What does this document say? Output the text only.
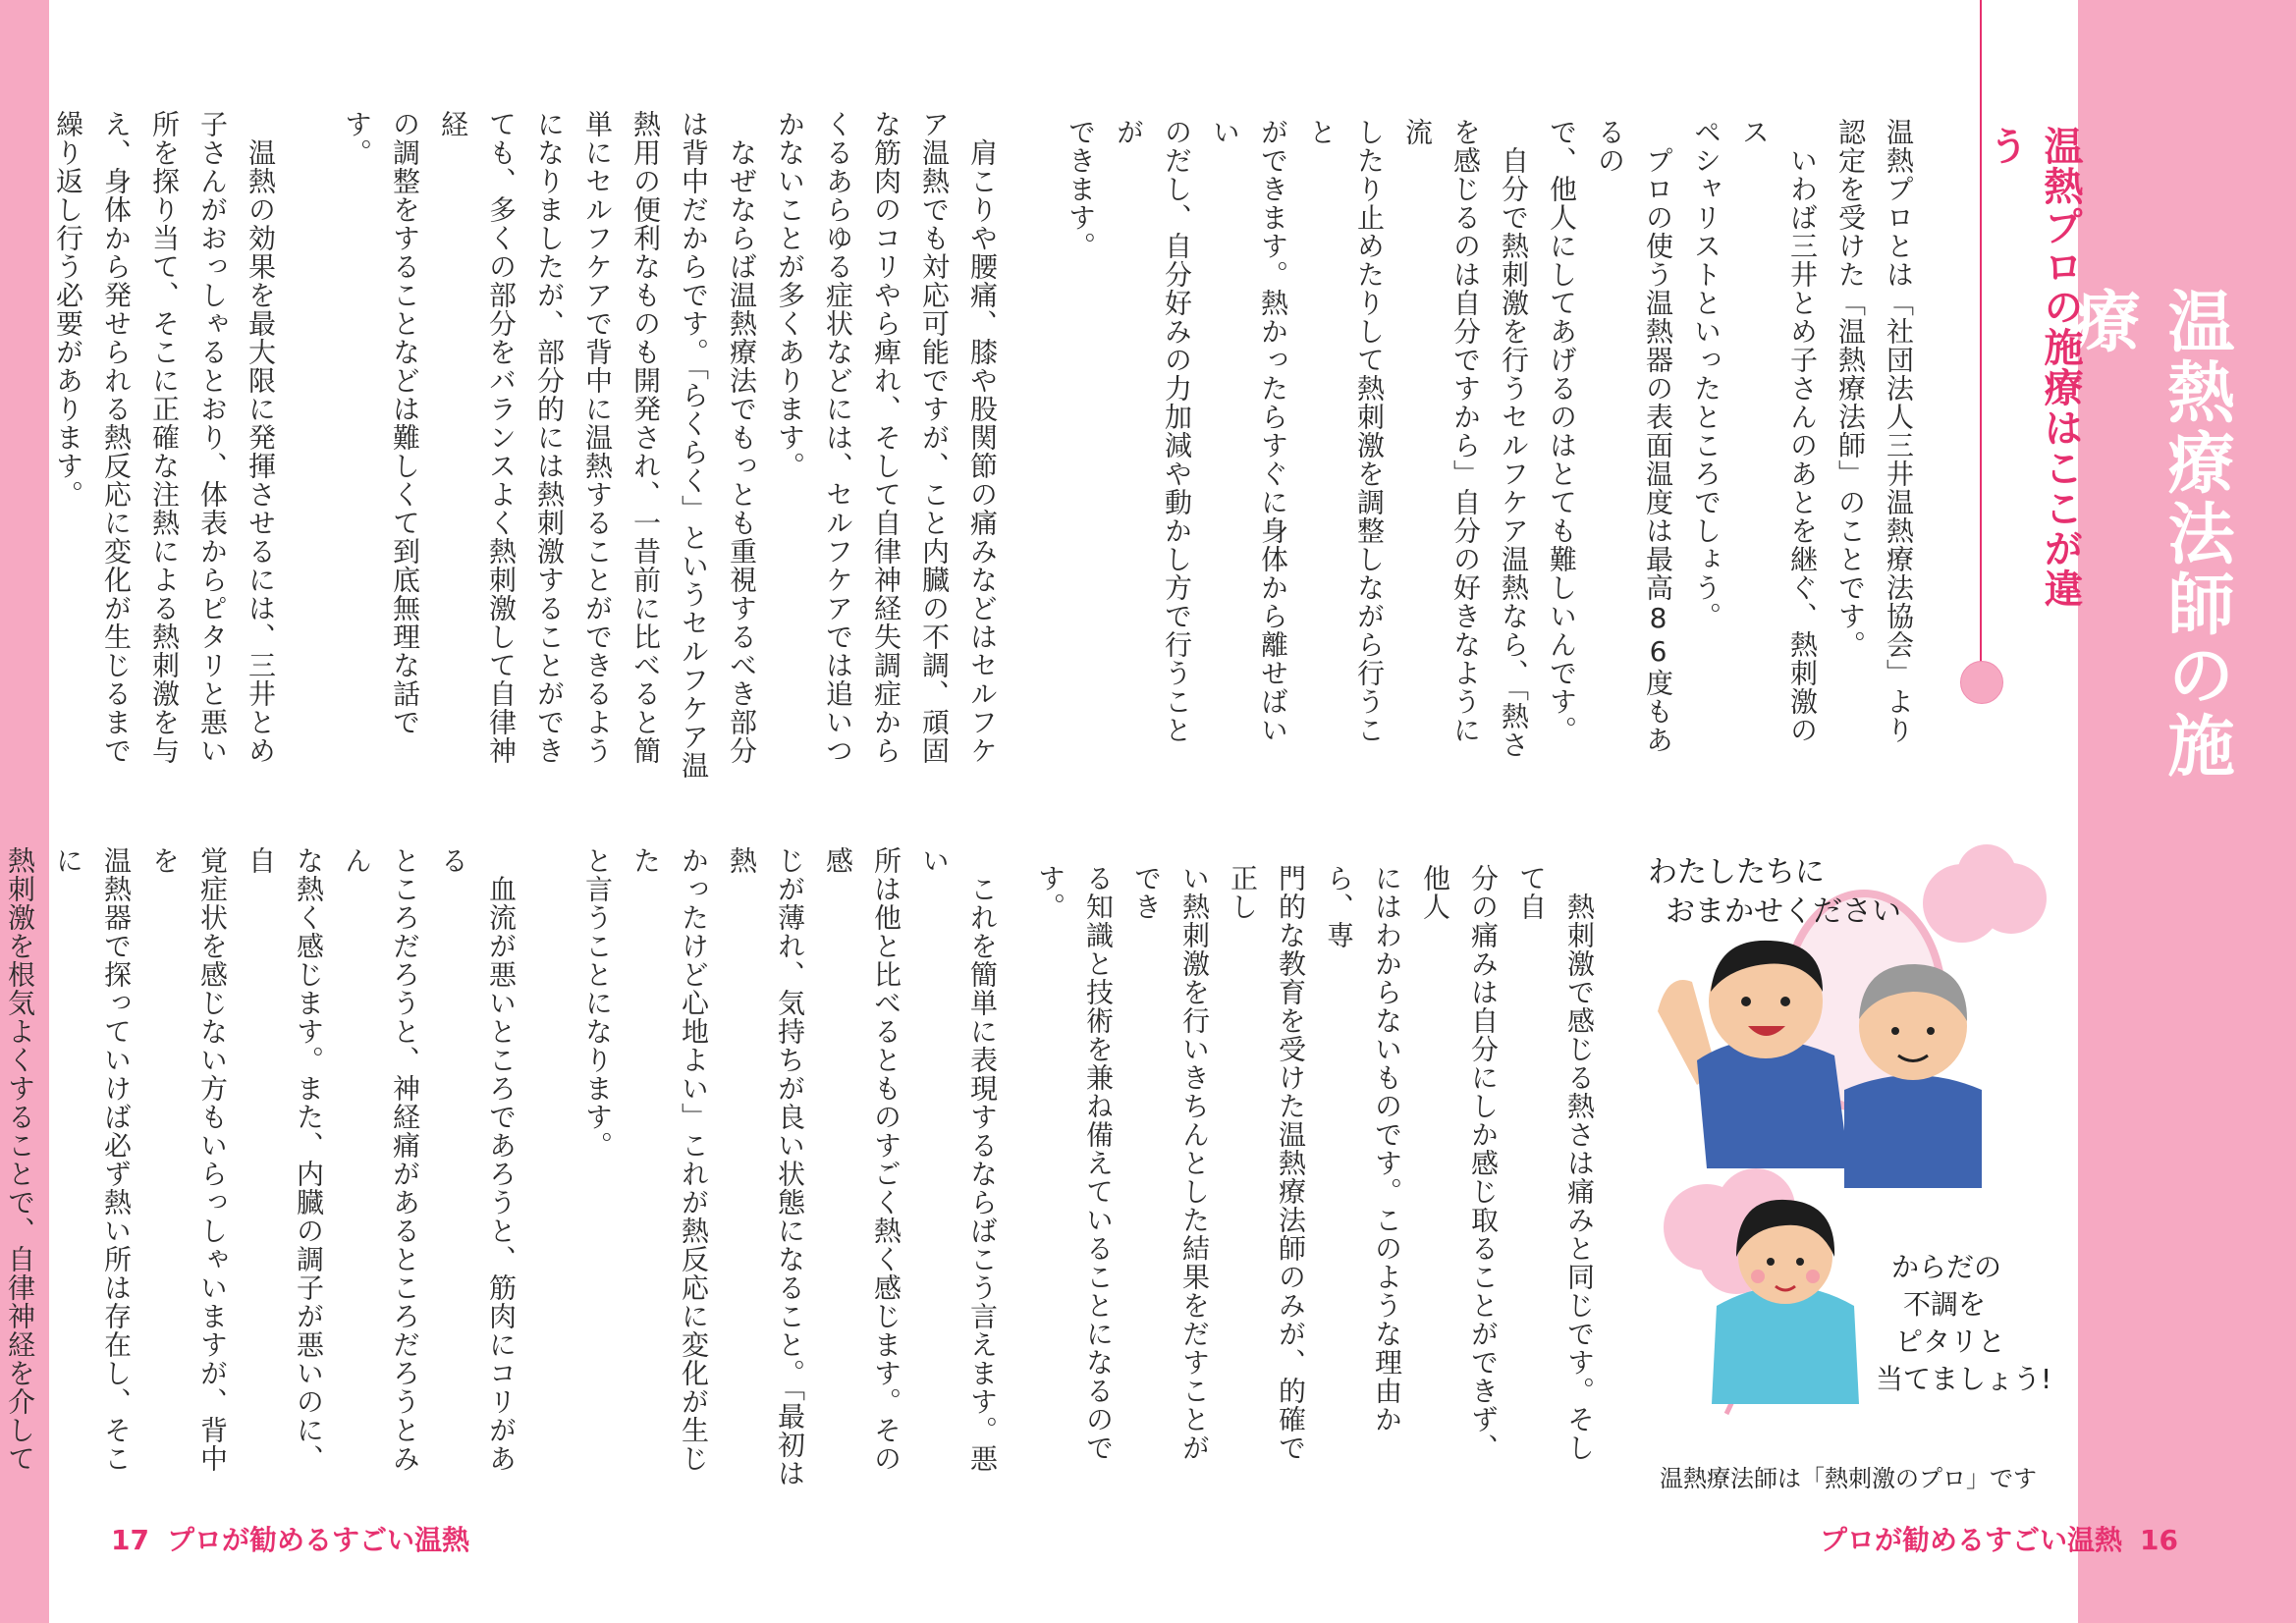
温熱療法師の施療
温熱プロの施療はここが違う
温熱プロとは「社団法人三井温熱療法協会」より
認定を受けた「温熱療法師」のことです。
　いわば三井とめ子さんのあとを継ぐ、熱刺激のス
ペシャリストといったところでしょう。
　プロの使う温熱器の表面温度は最高86度もあるの
で、他人にしてあげるのはとても難しいんです。
　自分で熱刺激を行うセルフケア温熱なら、「熱さ
を感じるのは自分ですから」自分の好きなように流
したり止めたりして熱刺激を調整しながら行うこと
ができます。熱かったらすぐに身体から離せばいい
のだし、自分好みの力加減や動かし方で行うことが
できます。
　熱刺激で感じる熱さは痛みと同じです。そして自
分の痛みは自分にしか感じ取ることができず、他人
にはわからないものです。このような理由から、専
門的な教育を受けた温熱療法師のみが、的確で正し
い熱刺激を行いきちんとした結果をだすことができ
る知識と技術を兼ね備えていることになるのです。	わたしたちに
おまかせください
からだの
不調を
ピタリと
当てましょう!
温熱療法師は「熱刺激のプロ」です
　肩こりや腰痛、膝や股関節の痛みなどはセルフケ
ア温熱でも対応可能ですが、こと内臓の不調、頑固
な筋肉のコリやら痺れ、そして自律神経失調症から
くるあらゆる症状などには、セルフケアでは追いつ
かないことが多くあります。
　なぜならば温熱療法でもっとも重視するべき部分
は背中だからです。「らくらく」というセルフケア温
熱用の便利なものも開発され、一昔前に比べると簡
単にセルフケアで背中に温熱することができるよう
になりましたが、部分的には熱刺激することができ
ても、多くの部分をバランスよく熱刺激して自律神経
の調整をすることなどは難しくて到底無理な話です。

　温熱の効果を最大限に発揮させるには、三井とめ
子さんがおっしゃるとおり、体表からピタリと悪い
所を探り当て、そこに正確な注熱による熱刺激を与
え、身体から発せられる熱反応に変化が生じるまで
繰り返し行う必要があります。
　これを簡単に表現するならばこう言えます。悪い
所は他と比べるとものすごく熱く感じます。その感
じが薄れ、気持ちが良い状態になること。「最初は熱
かったけど心地よい」これが熱反応に変化が生じた
と言うことになります。

　血流が悪いところであろうと、筋肉にコリがある
ところだろうと、神経痛があるところだろうとみん
な熱く感じます。また、内臓の調子が悪いのに、自
覚症状を感じない方もいらっしゃいますが、背中を
温熱器で探っていけば必ず熱い所は存在し、そこに
熱刺激を根気よくすることで、自律神経を介して

17 プロが勧めるすごい温熱	プロが勧めるすごい温熱 16
